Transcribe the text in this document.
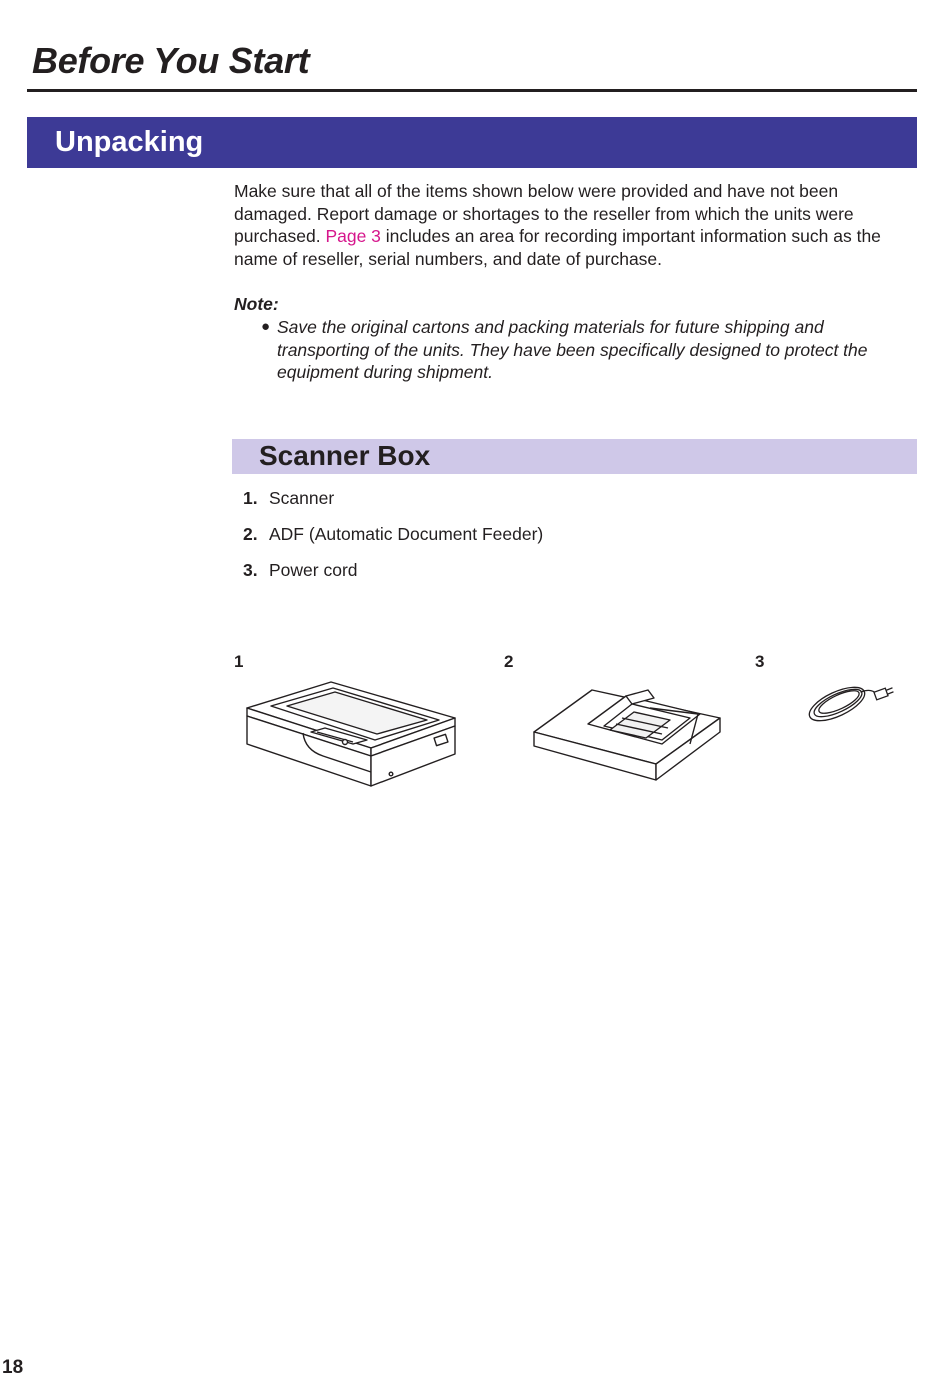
Before You Start
Unpacking

Make sure that all of the items shown below were provided and have not been damaged. Report damage or shortages to the reseller from which the units were purchased. Page 3 includes an area for recording important information such as the name of reseller, serial numbers, and date of purchase.

Note:

● Save the original cartons and packing materials for future shipping and transporting of the units. They have been specifically designed to protect the equipment during shipment.

Scanner Box
1. Scanner
2. ADF (Automatic Document Feeder)
3. Power cord
1	2	3
18
